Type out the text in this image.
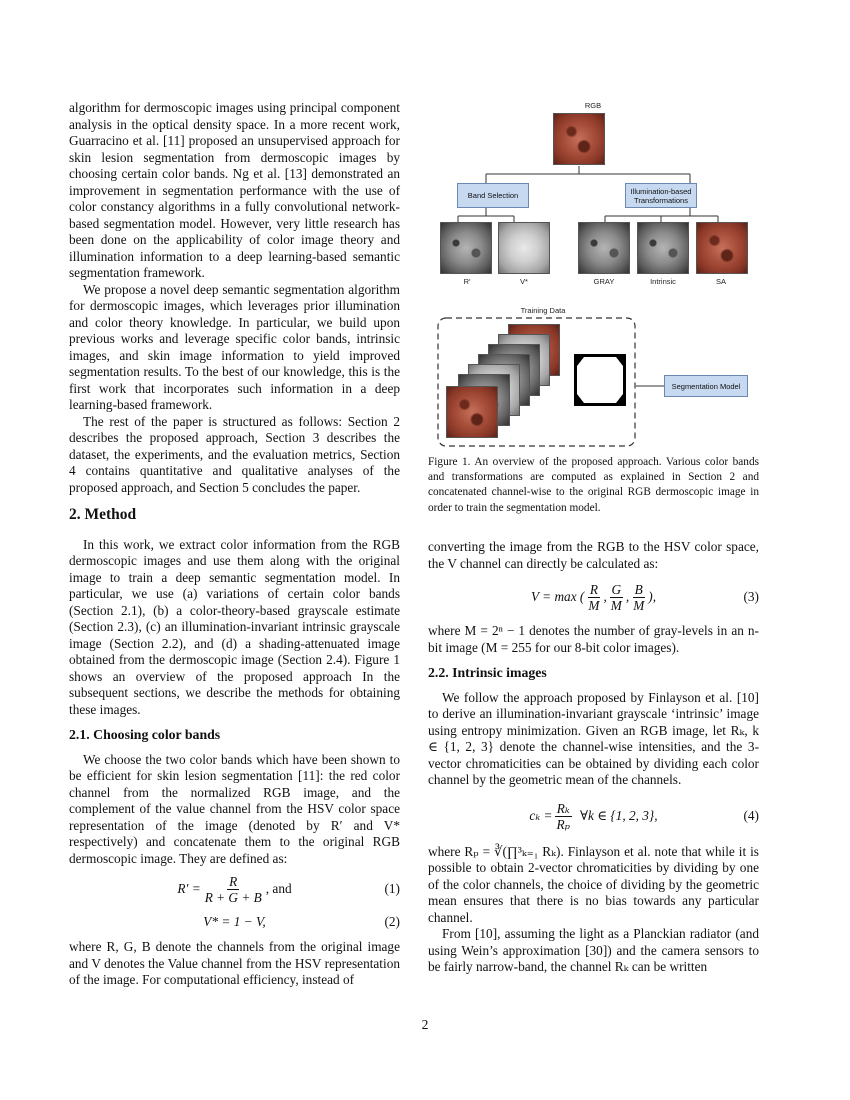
algorithm for dermoscopic images using principal component analysis in the optical density space. In a more recent work, Guarracino et al. [11] proposed an unsupervised approach for skin lesion segmentation from dermoscopic images by choosing certain color bands. Ng et al. [13] demonstrated an improvement in segmentation performance with the use of color constancy algorithms in a fully convolutional network-based segmentation model. However, very little research has been done on the applicability of color image theory and illumination information to a deep learning-based semantic segmentation framework.

We propose a novel deep semantic segmentation algorithm for dermoscopic images, which leverages prior illumination and color theory knowledge. In particular, we build upon previous works and leverage specific color bands, intrinsic images, and skin image information to yield improved segmentation results. To the best of our knowledge, this is the first work that incorporates such information in a deep learning-based framework.

The rest of the paper is structured as follows: Section 2 describes the proposed approach, Section 3 describes the dataset, the experiments, and the evaluation metrics, Section 4 contains quantitative and qualitative analyses of the proposed approach, and Section 5 concludes the paper.

2. Method

In this work, we extract color information from the RGB dermoscopic images and use them along with the original image to train a deep semantic segmentation model. In particular, we use (a) variations of certain color bands (Section 2.1), (b) a color-theory-based grayscale estimate (Section 2.3), (c) an illumination-invariant intrinsic grayscale image (Section 2.2), and (d) a shading-attenuated image obtained from the dermoscopic image (Section 2.4). Figure 1 shows an overview of the proposed approach In the subsequent sections, we describe the methods for obtaining these images.

2.1. Choosing color bands

We choose the two color bands which have been shown to be efficient for skin lesion segmentation [11]: the red color channel from the normalized RGB image, and the complement of the value channel from the HSV color space representation of the image (denoted by R′ and V* respectively) and concatenate them to the original RGB dermoscopic image. They are defined as:

$R' = \frac{R}{R + G + B}$ , and	(1)
V* = 1 − V,	(2)

where R, G, B denote the channels from the original image and V denotes the Value channel from the HSV representation of the image. For computational efficiency, instead of

RGB
Band Selection	Illumination-based Transformations
R′	V*	GRAY	Intrinsic	SA
Training Data
Segmentation Model
Figure 1. An overview of the proposed approach. Various color bands and transformations are computed as explained in Section 2 and concatenated channel-wise to the original RGB dermoscopic image in order to train the segmentation model.

converting the image from the RGB to the HSV color space, the V channel can directly be calculated as:

V = max ( $\frac{R}{M}$ , $\frac{G}{M}$ , $\frac{B}{M}$ ),	(3)

where M = 2ⁿ − 1 denotes the number of gray-levels in an n-bit image (M = 255 for our 8-bit color images).

2.2. Intrinsic images

We follow the approach proposed by Finlayson et al. [10] to derive an illumination-invariant grayscale ‘intrinsic’ image using entropy minimization. Given an RGB image, let Rₖ, k ∈ {1, 2, 3} denote the channel-wise intensities, and the 3-vector chromaticities can be obtained by dividing each color channel by the geometric mean of the channels.

$c_k = \frac{\text{Rₖ}}{\text{Rₚ}}$ ∀k ∈ {1, 2, 3},	(4)

where Rₚ = ∛(∏³ₖ₌₁ Rₖ). Finlayson et al. note that while it is possible to obtain 2-vector chromaticities by dividing by one of the color channels, the choice of dividing by the geometric mean ensures that there is no bias towards any particular channel.

From [10], assuming the light as a Planckian radiator (and using Wein’s approximation [30]) and the camera sensors to be fairly narrow-band, the channel Rₖ can be written

2
